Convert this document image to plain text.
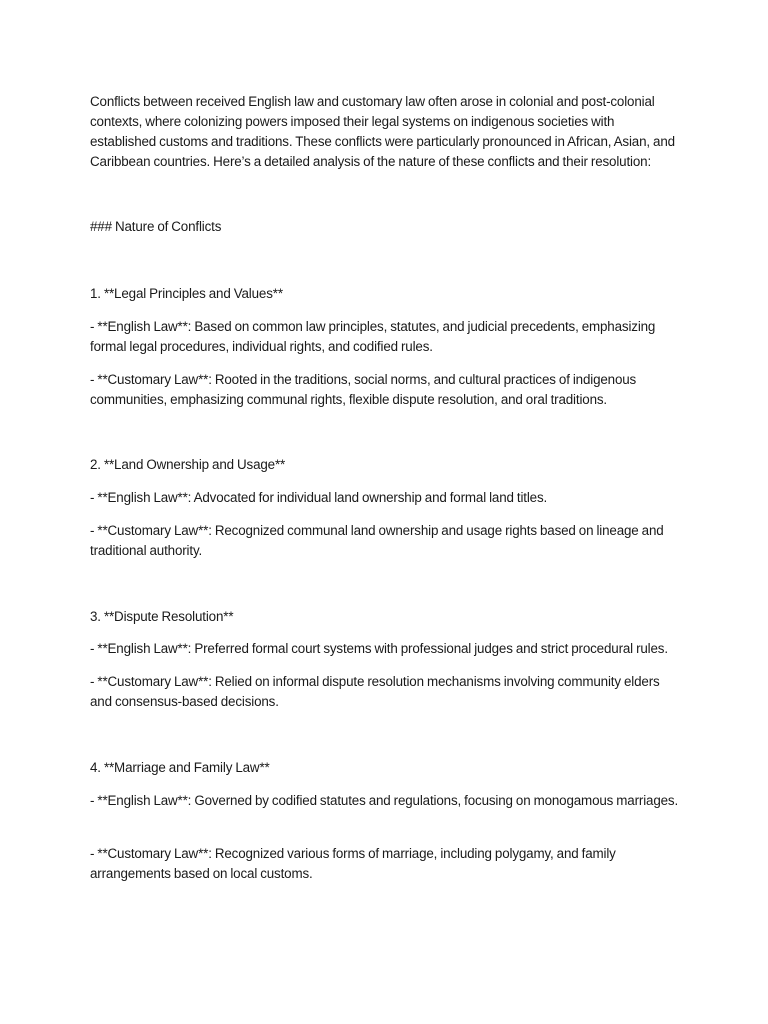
Conflicts between received English law and customary law often arose in colonial and post-colonial contexts, where colonizing powers imposed their legal systems on indigenous societies with established customs and traditions. These conflicts were particularly pronounced in African, Asian, and Caribbean countries. Here’s a detailed analysis of the nature of these conflicts and their resolution:

### Nature of Conflicts

1. **Legal Principles and Values**

- **English Law**: Based on common law principles, statutes, and judicial precedents, emphasizing formal legal procedures, individual rights, and codified rules.

- **Customary Law**: Rooted in the traditions, social norms, and cultural practices of indigenous communities, emphasizing communal rights, flexible dispute resolution, and oral traditions.

2. **Land Ownership and Usage**

- **English Law**: Advocated for individual land ownership and formal land titles.

- **Customary Law**: Recognized communal land ownership and usage rights based on lineage and traditional authority.

3. **Dispute Resolution**

- **English Law**: Preferred formal court systems with professional judges and strict procedural rules.

- **Customary Law**: Relied on informal dispute resolution mechanisms involving community elders and consensus-based decisions.

4. **Marriage and Family Law**

- **English Law**: Governed by codified statutes and regulations, focusing on monogamous marriages.

- **Customary Law**: Recognized various forms of marriage, including polygamy, and family arrangements based on local customs.
